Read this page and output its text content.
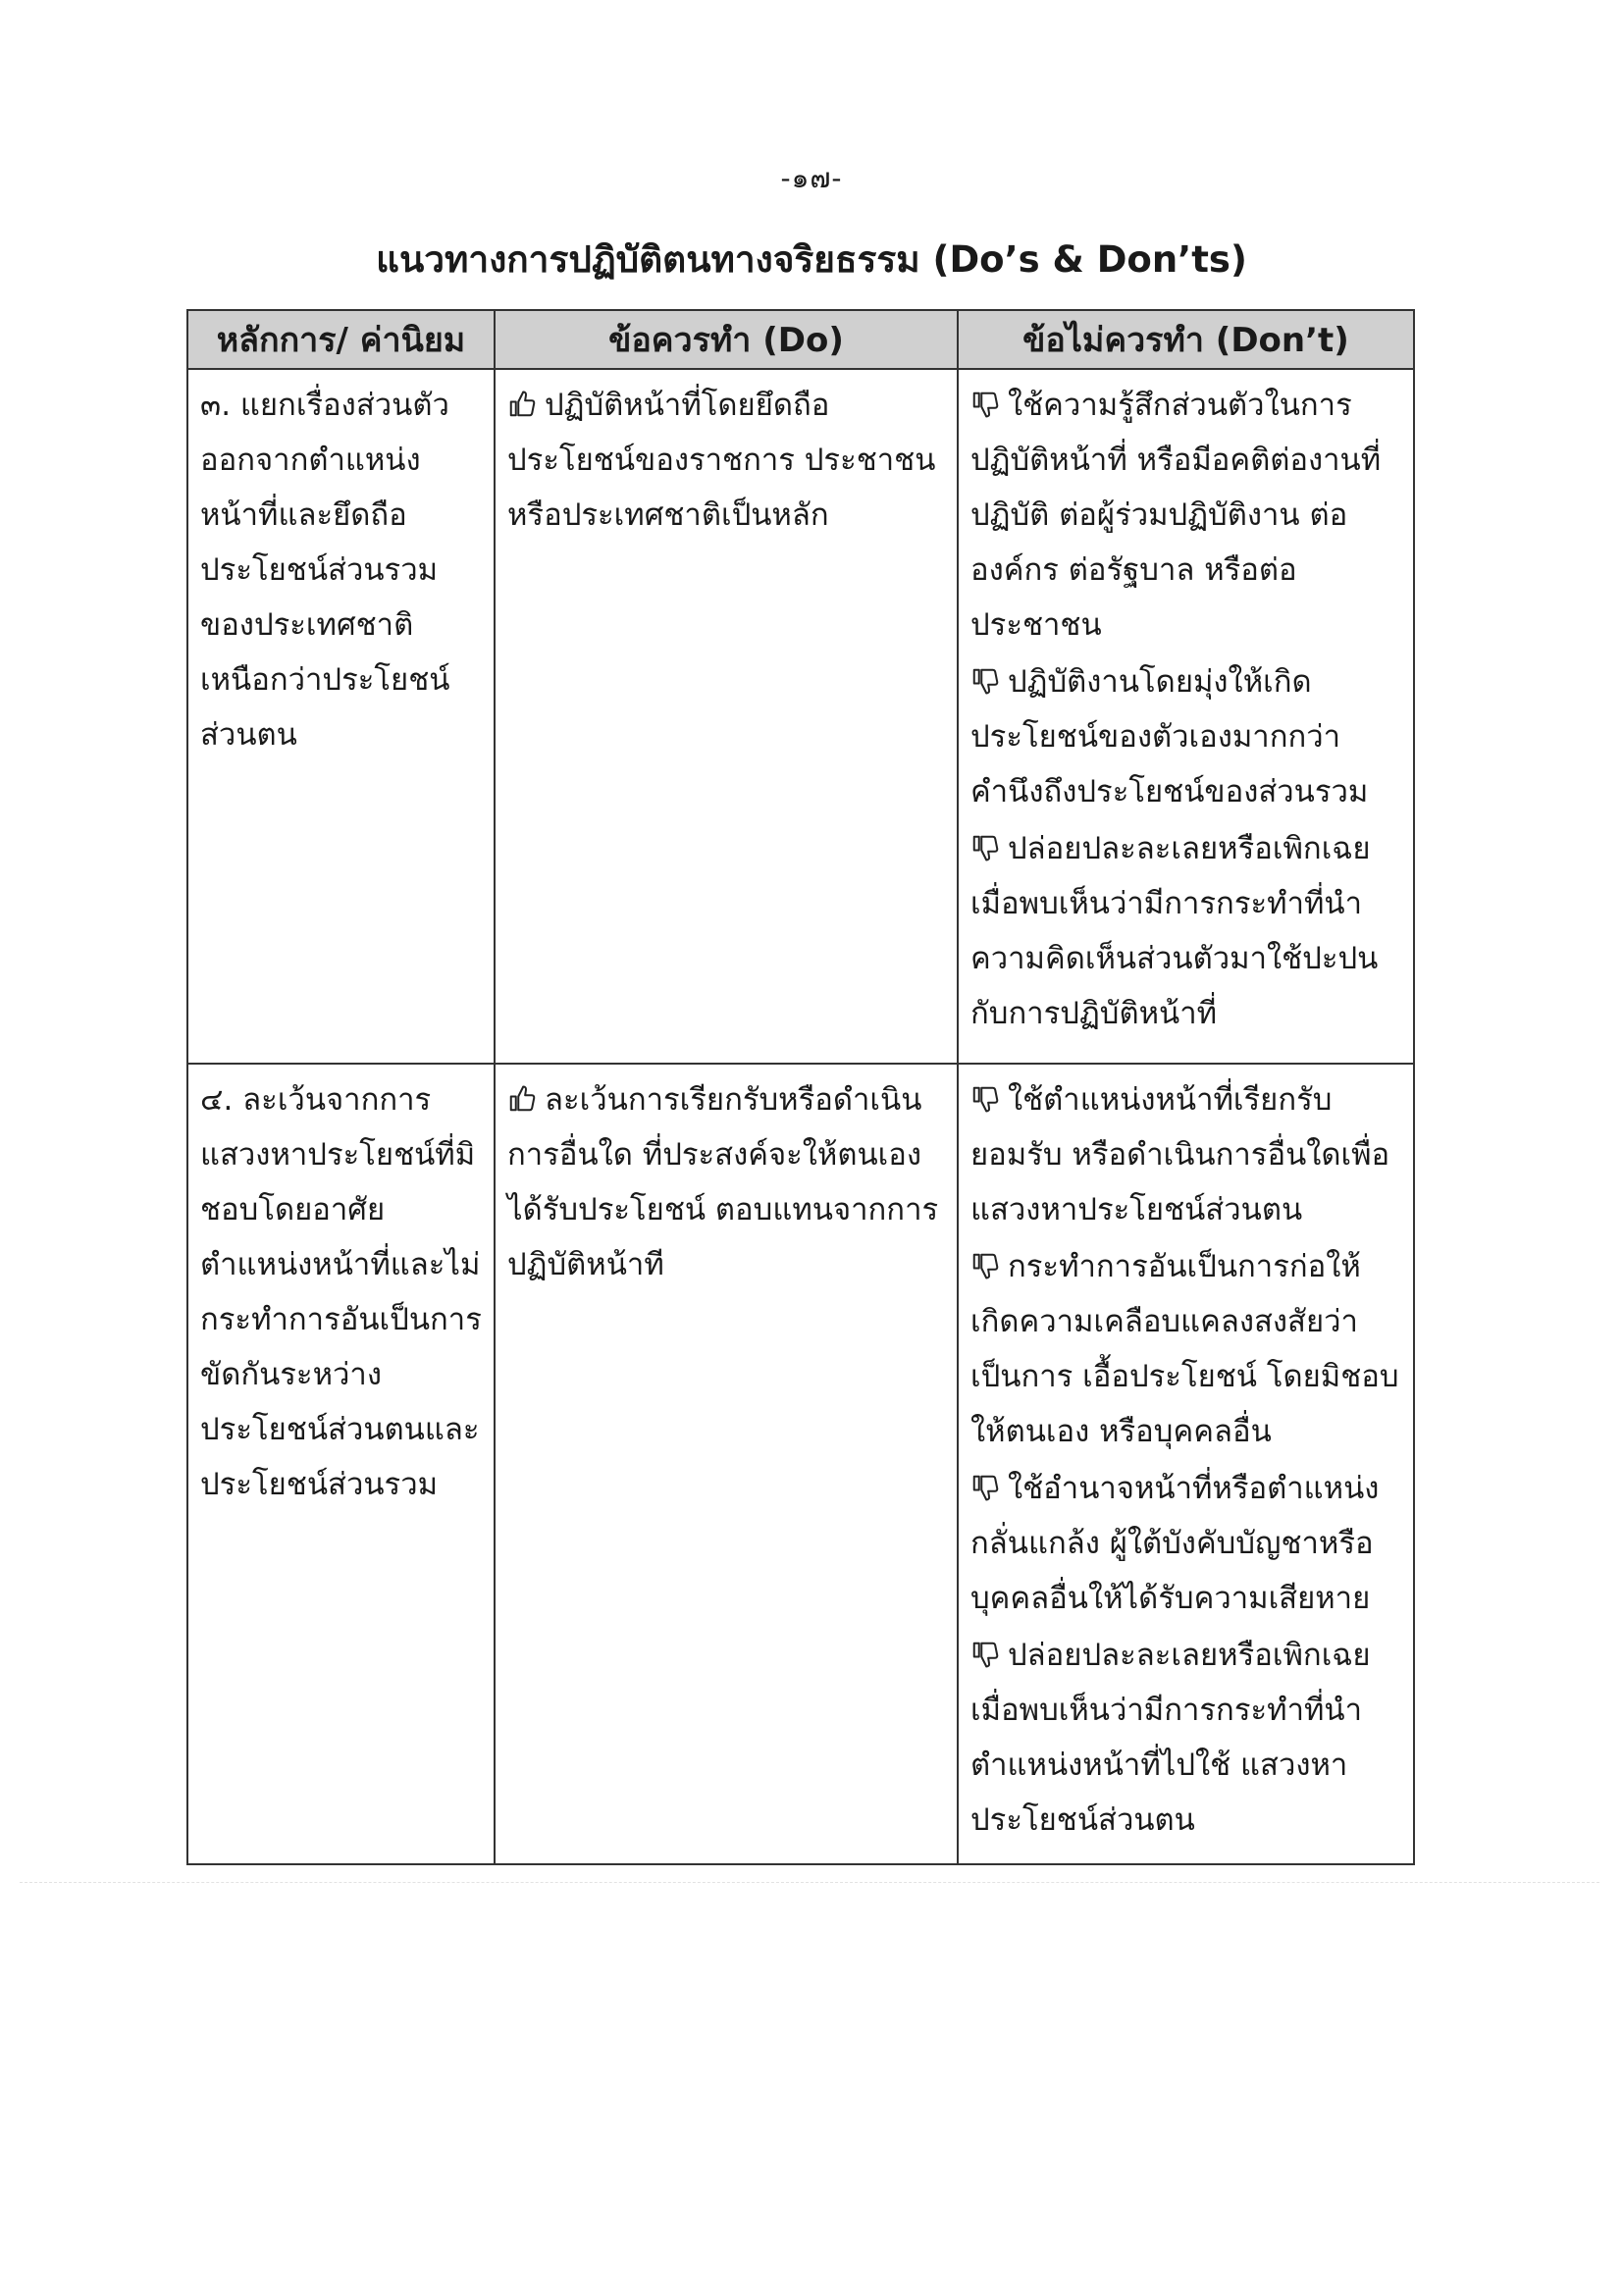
-๑๗-
แนวทางการปฏิบัติตนทางจริยธรรม (Do’s & Don’ts)
หลักการ/ ค่านิยม	ข้อควรทำ (Do)	ข้อไม่ควรทำ (Don’t)

๓. แยกเรื่องส่วนตัวออกจากตำแหน่งหน้าที่และยึดถือประโยชน์ส่วนรวมของประเทศชาติเหนือกว่าประโยชน์ส่วนตน	ปฏิบัติหน้าที่โดยยึดถือประโยชน์ของราชการ ประชาชน หรือประเทศชาติเป็นหลัก	ใช้ความรู้สึกส่วนตัวในการปฏิบัติหน้าที่ หรือมีอคติต่องานที่ปฏิบัติ ต่อผู้ร่วมปฏิบัติงาน ต่อองค์กร ต่อรัฐบาล หรือต่อประชาชน
ปฏิบัติงานโดยมุ่งให้เกิดประโยชน์ของตัวเองมากกว่าคำนึงถึงประโยชน์ของส่วนรวม
ปล่อยปละละเลยหรือเพิกเฉยเมื่อพบเห็นว่ามีการกระทำที่นำความคิดเห็นส่วนตัวมาใช้ปะปนกับการปฏิบัติหน้าที่

๔. ละเว้นจากการแสวงหาประโยชน์ที่มิชอบโดยอาศัยตำแหน่งหน้าที่และไม่กระทำการอันเป็นการขัดกันระหว่างประโยชน์ส่วนตนและประโยชน์ส่วนรวม	ละเว้นการเรียกรับหรือดำเนินการอื่นใด ที่ประสงค์จะให้ตนเองได้รับประโยชน์ ตอบแทนจากการปฏิบัติหน้าที	ใช้ตำแหน่งหน้าที่เรียกรับ ยอมรับ หรือดำเนินการอื่นใดเพื่อแสวงหาประโยชน์ส่วนตน
กระทำการอันเป็นการก่อให้เกิดความเคลือบแคลงสงสัยว่าเป็นการ เอื้อประโยชน์ โดยมิชอบให้ตนเอง หรือบุคคลอื่น
ใช้อำนาจหน้าที่หรือตำแหน่งกลั่นแกล้ง ผู้ใต้บังคับบัญชาหรือบุคคลอื่นให้ได้รับความเสียหาย
ปล่อยปละละเลยหรือเพิกเฉยเมื่อพบเห็นว่ามีการกระทำที่นำตำแหน่งหน้าที่ไปใช้ แสวงหาประโยชน์ส่วนตน
